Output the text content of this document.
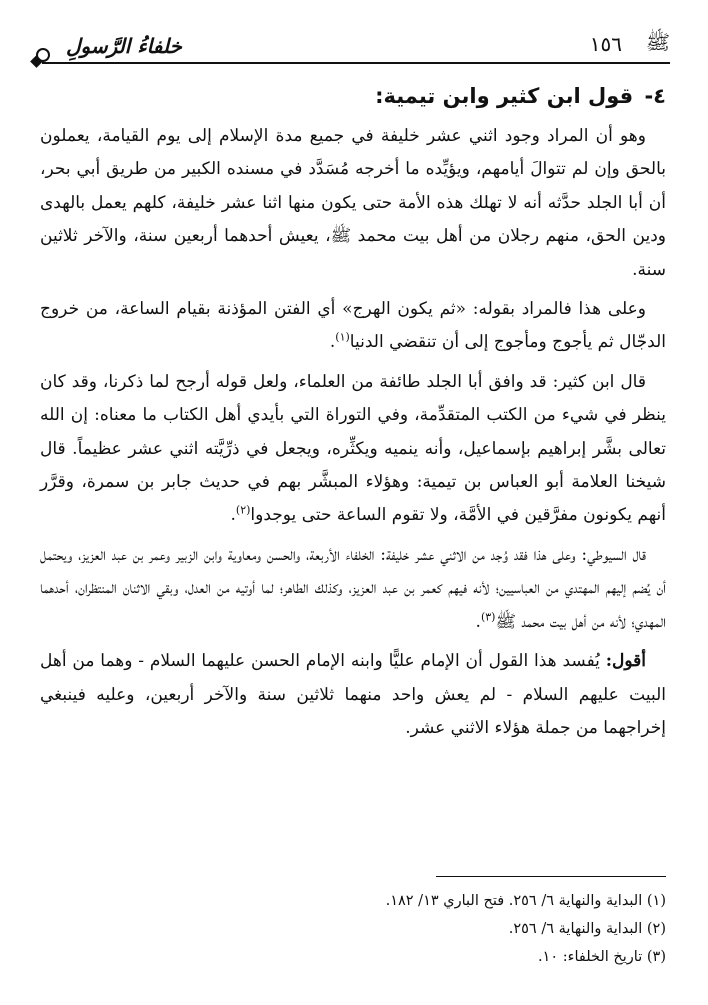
خلفاءُ الرَّسولِ	١٥٦ ﷺ
٤- قول ابن كثير وابن تيمية:

وهو أن المراد وجود اثني عشر خليفة في جميع مدة الإسلام إلى يوم القيامة، يعملون بالحق وإن لم تتوالَ أيامهم، ويؤيِّده ما أخرجه مُسَدَّد في مسنده الكبير من طريق أبي بحر، أن أبا الجلد حدَّثه أنه لا تهلك هذه الأمة حتى يكون منها اثنا عشر خليفة، كلهم يعمل بالهدى ودين الحق، منهم رجلان من أهل بيت محمد ﷺ، يعيش أحدهما أربعين سنة، والآخر ثلاثين سنة.

وعلى هذا فالمراد بقوله: «ثم يكون الهرج» أي الفتن المؤذنة بقيام الساعة، من خروج الدجّال ثم يأجوج ومأجوج إلى أن تنقضي الدنيا$^{(١)}$.

قال ابن كثير: قد وافق أبا الجلد طائفة من العلماء، ولعل قوله أرجح لما ذكرنا، وقد كان ينظر في شيء من الكتب المتقدِّمة، وفي التوراة التي بأيدي أهل الكتاب ما معناه: إن الله تعالى بشَّر إبراهيم بإسماعيل، وأنه ينميه ويكثِّره، ويجعل في ذرِّيَّته اثني عشر عظيماً. قال شيخنا العلامة أبو العباس بن تيمية: وهؤلاء المبشَّر بهم في حديث جابر بن سمرة، وقرَّر أنهم يكونون مفرَّقين في الأمَّة، ولا تقوم الساعة حتى يوجدوا$^{(٢)}$.

قال السيوطي: وعلى هذا فقد وُجد من الاثني عشر خليفة: الخلفاء الأربعة، والحسن ومعاوية وابن الزبير وعمر بن عبد العزيز، ويحتمل أن يُضم إليهم المهتدي من العباسيين؛ لأنه فيهم كعمر بن عبد العزيز، وكذلك الطاهر؛ لما أوتيه من العدل، وبقي الاثنان المنتظران، أحدهما المهدي؛ لأنه من أهل بيت محمد ﷺ$^{(٣)}$.

أقول: يُفسد هذا القول أن الإمام عليًّا وابنه الإمام الحسن عليهما السلام - وهما من أهل البيت عليهم السلام - لم يعش واحد منهما ثلاثين سنة والآخر أربعين، وعليه فينبغي إخراجهما من جملة هؤلاء الاثني عشر.

(١) البداية والنهاية ٦/ ٢٥٦. فتح الباري ١٣/ ١٨٢.

(٢) البداية والنهاية ٦/ ٢٥٦.

(٣) تاريخ الخلفاء: ١٠.
